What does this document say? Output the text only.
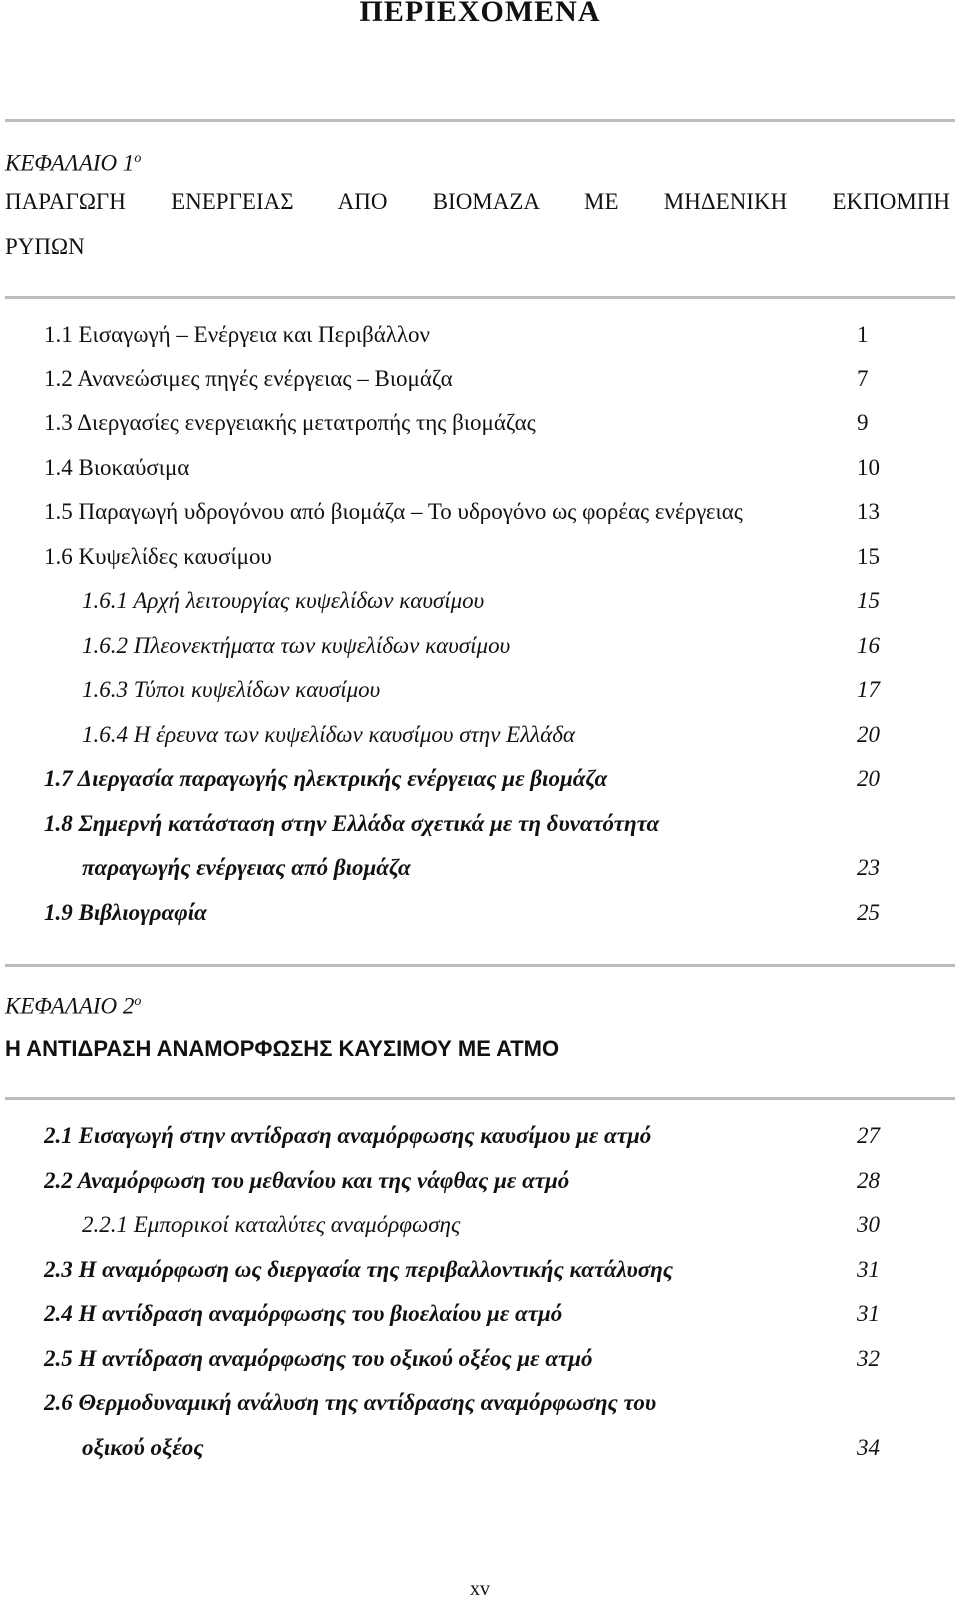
ΠΕΡΙΕΧΟΜΕΝΑ
ΚΕΦΑΛΑΙΟ $1^o$
ΠΑΡΑΓΩΓΗ ΕΝΕΡΓΕΙΑΣ ΑΠΟ ΒΙΟΜΑΖΑ ΜΕ ΜΗΔΕΝΙΚΗ ΕΚΠΟΜΠΗ
ΡΥΠΩΝ
1.1 Εισαγωγή – Ενέργεια και Περιβάλλον	1
1.2 Ανανεώσιμες πηγές ενέργειας – Βιομάζα	7
1.3 Διεργασίες ενεργειακής μετατροπής της βιομάζας	9
1.4 Βιοκαύσιμα	10
1.5 Παραγωγή υδρογόνου από βιομάζα – Το υδρογόνο ως φορέας ενέργειας	13
1.6 Κυψελίδες καυσίμου	15
1.6.1 Αρχή λειτουργίας κυψελίδων καυσίμου	15
1.6.2 Πλεονεκτήματα των κυψελίδων καυσίμου	16
1.6.3 Τύποι κυψελίδων καυσίμου	17
1.6.4 Η έρευνα των κυψελίδων καυσίμου στην Ελλάδα	20
1.7 Διεργασία παραγωγής ηλεκτρικής ενέργειας με βιομάζα	20
1.8 Σημερνή κατάσταση στην Ελλάδα σχετικά με τη δυνατότητα
παραγωγής ενέργειας από βιομάζα	23
1.9 Βιβλιογραφία	25
ΚΕΦΑΛΑΙΟ $2^o$
Η ΑΝΤΙΔΡΑΣΗ ΑΝΑΜΟΡΦΩΣΗΣ ΚΑΥΣΙΜΟΥ ΜΕ ΑΤΜΟ
2.1 Εισαγωγή στην αντίδραση αναμόρφωσης καυσίμου με ατμό	27
2.2 Αναμόρφωση του μεθανίου και της νάφθας με ατμό	28
2.2.1 Εμπορικοί καταλύτες αναμόρφωσης	30
2.3 Η αναμόρφωση ως διεργασία της περιβαλλοντικής κατάλυσης	31
2.4 Η αντίδραση αναμόρφωσης του βιοελαίου με ατμό	31
2.5 Η αντίδραση αναμόρφωσης του οξικού οξέος με ατμό	32
2.6 Θερμοδυναμική ανάλυση της αντίδρασης αναμόρφωσης του
οξικού οξέος	34
xv
